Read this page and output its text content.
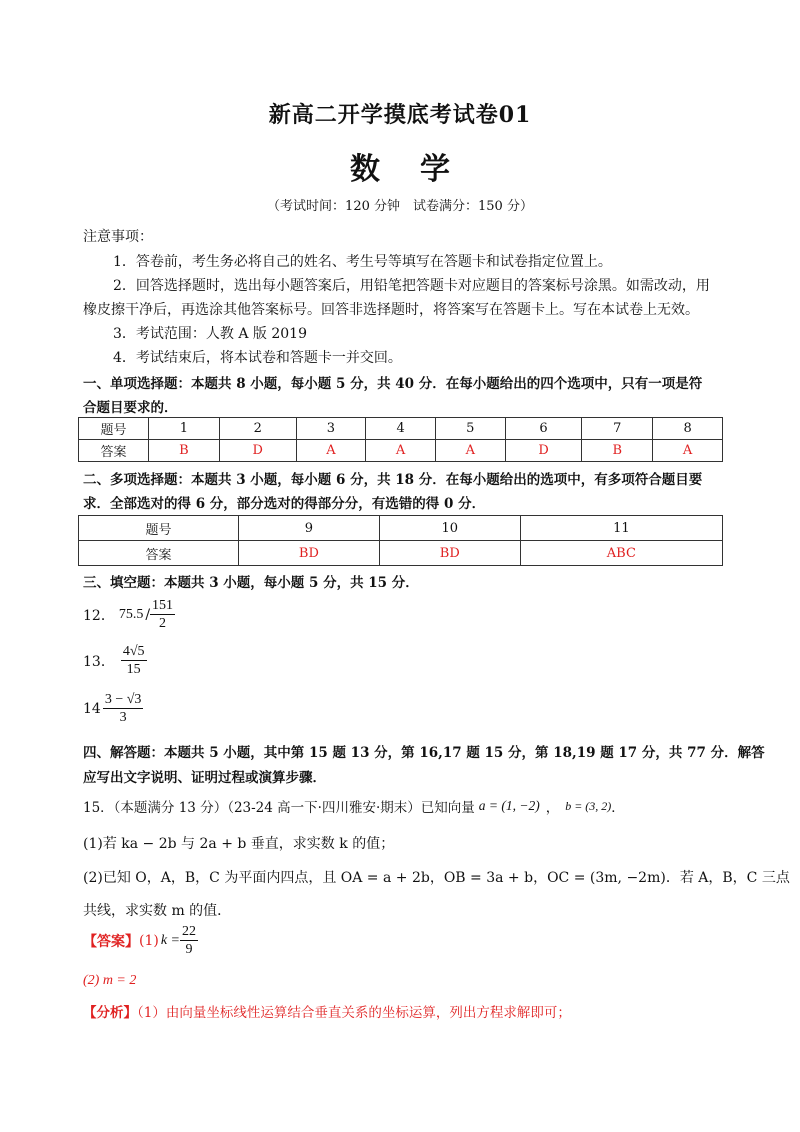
新高二开学摸底考试卷01
数学
（考试时间：120 分钟　试卷满分：150 分）
注意事项：
1．答卷前，考生务必将自己的姓名、考生号等填写在答题卡和试卷指定位置上。
2．回答选择题时，选出每小题答案后，用铅笔把答题卡对应题目的答案标号涂黑。如需改动，用
橡皮擦干净后，再选涂其他答案标号。回答非选择题时，将答案写在答题卡上。写在本试卷上无效。
3．考试范围：人教 A 版 2019
4．考试结束后，将本试卷和答题卡一并交回。
一、单项选择题：本题共 8 小题，每小题 5 分，共 40 分．在每小题给出的四个选项中，只有一项是符
合题目要求的．
题号	1	2	3	4	5	6	7	8
答案	B	D	A	A	A	D	B	A
二、多项选择题：本题共 3 小题，每小题 6 分，共 18 分．在每小题给出的选项中，有多项符合题目要
求．全部选对的得 6 分，部分选对的得部分分，有选错的得 0 分．
题号	9	10	11
答案	BD	BD	ABC
三、填空题：本题共 3 小题，每小题 5 分，共 15 分．
12． $75.5 / \frac{151}{2}$
13． $\frac{4√5}{15}$
$14 \frac{3 - √3}{3}$
四、解答题：本题共 5 小题，其中第 15 题 13 分，第 16,17 题 15 分，第 18,19 题 17 分，共 77 分．解答
应写出文字说明、证明过程或演算步骤．
15．（本题满分 13 分）（23-24 高一下·四川雅安·期末）已知向量 a = (1, −2) ， b = (3, 2) ．
(1)若 ka − 2b 与 2a + b 垂直，求实数 k 的值；
(2)已知 O，A，B，C 为平面内四点，且 OA = a + 2b，OB = 3a + b，OC = (3m, −2m)．若 A，B，C 三点
共线，求实数 m 的值．
【答案】 (1) $k = \frac{22}{9}$
(2) m = 2
【分析】（1）由向量坐标线性运算结合垂直关系的坐标运算，列出方程求解即可；
